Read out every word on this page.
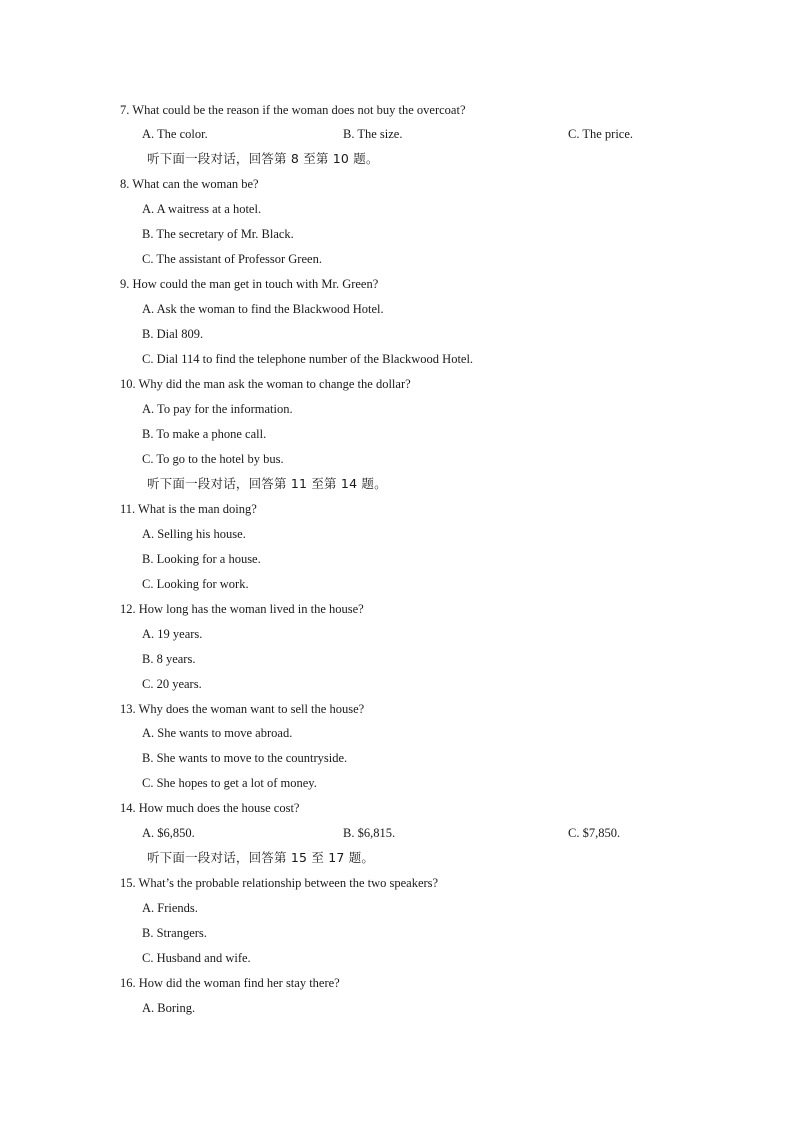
7. What could be the reason if the woman does not buy the overcoat?
A. The color.	B. The size.	C. The price.
听下面一段对话，回答第 8 至第 10 题。
8. What can the woman be?
A. A waitress at a hotel.
B. The secretary of Mr. Black.
C. The assistant of Professor Green.
9. How could the man get in touch with Mr. Green?
A. Ask the woman to find the Blackwood Hotel.
B. Dial 809.
C. Dial 114 to find the telephone number of the Blackwood Hotel.
10. Why did the man ask the woman to change the dollar?
A. To pay for the information.
B. To make a phone call.
C. To go to the hotel by bus.
听下面一段对话，回答第 11 至第 14 题。
11. What is the man doing?
A. Selling his house.
B. Looking for a house.
C. Looking for work.
12. How long has the woman lived in the house?
A. 19 years.
B. 8 years.
C. 20 years.
13. Why does the woman want to sell the house?
A. She wants to move abroad.
B. She wants to move to the countryside.
C. She hopes to get a lot of money.
14. How much does the house cost?
A. $6,850.	B. $6,815.	C. $7,850.
听下面一段对话，回答第 15 至 17 题。
15. What’s the probable relationship between the two speakers?
A. Friends.
B. Strangers.
C. Husband and wife.
16. How did the woman find her stay there?
A. Boring.
